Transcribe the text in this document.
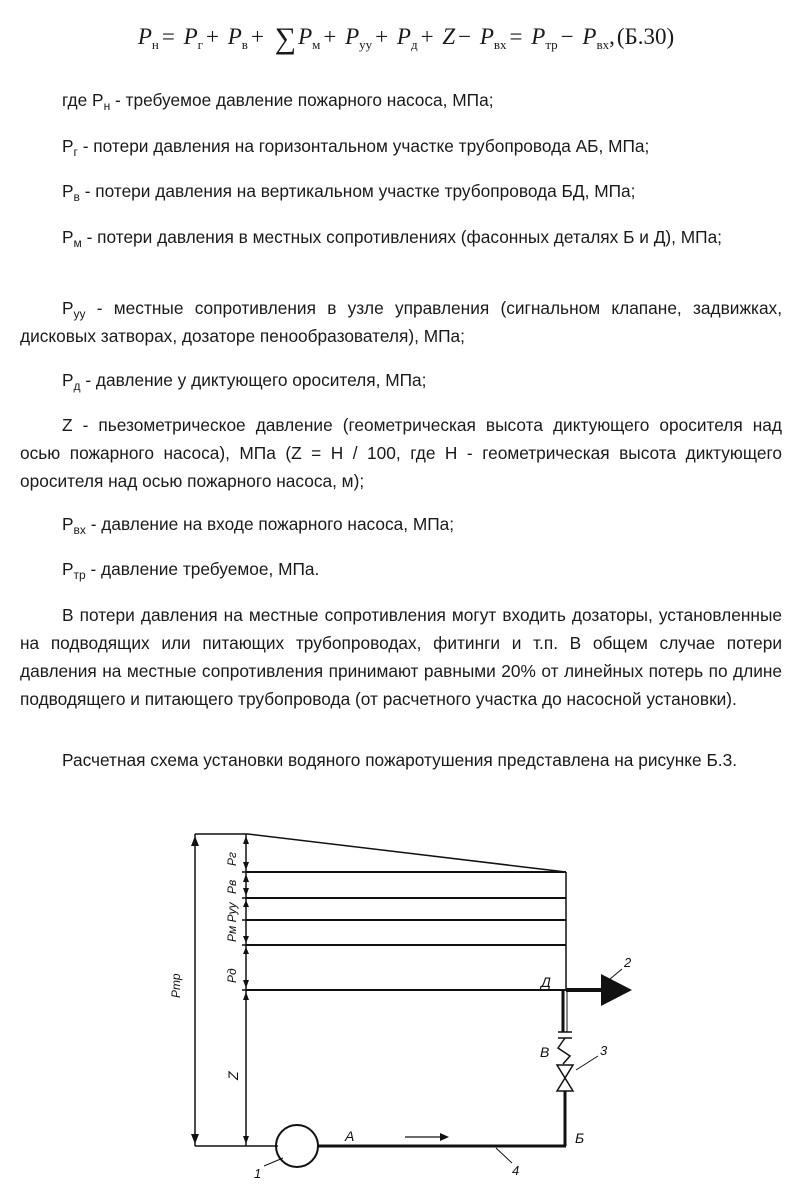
$P_н = P_г + P_в + \sum P_м + P_{уу} + P_д + Z - P_{вх} = P_{тр} - P_{вх},(Б.30)$
где $P_н$ - требуемое давление пожарного насоса, МПа;
$P_г$ - потери давления на горизонтальном участке трубопровода АБ, МПа;
$P_в$ - потери давления на вертикальном участке трубопровода БД, МПа;
$P_м$ - потери давления в местных сопротивлениях (фасонных деталях Б и Д), МПа;
$P_{уу}$ - местные сопротивления в узле управления (сигнальном клапане, задвижках, дисковых затворах, дозаторе пенообразователя), МПа;
$P_д$ - давление у диктующего оросителя, МПа;
Z - пьезометрическое давление (геометрическая высота диктующего оросителя над осью пожарного насоса), МПа (Z = H / 100, где H - геометрическая высота диктующего оросителя над осью пожарного насоса, м);
$P_{вх}$ - давление на входе пожарного насоса, МПа;
$P_{тр}$ - давление требуемое, МПа.
В потери давления на местные сопротивления могут входить дозаторы, установленные на подводящих или питающих трубопроводах, фитинги и т.п. В общем случае потери давления на местные сопротивления принимают равными 20% от линейных потерь по длине подводящего и питающего трубопровода (от расчетного участка до насосной установки).
Расчетная схема установки водяного пожаротушения представлена на рисунке Б.3.
Pтр
Pг
Pв
Pм Pуу
Pд
Z
А	Б
В
Д
1
2
3
4
